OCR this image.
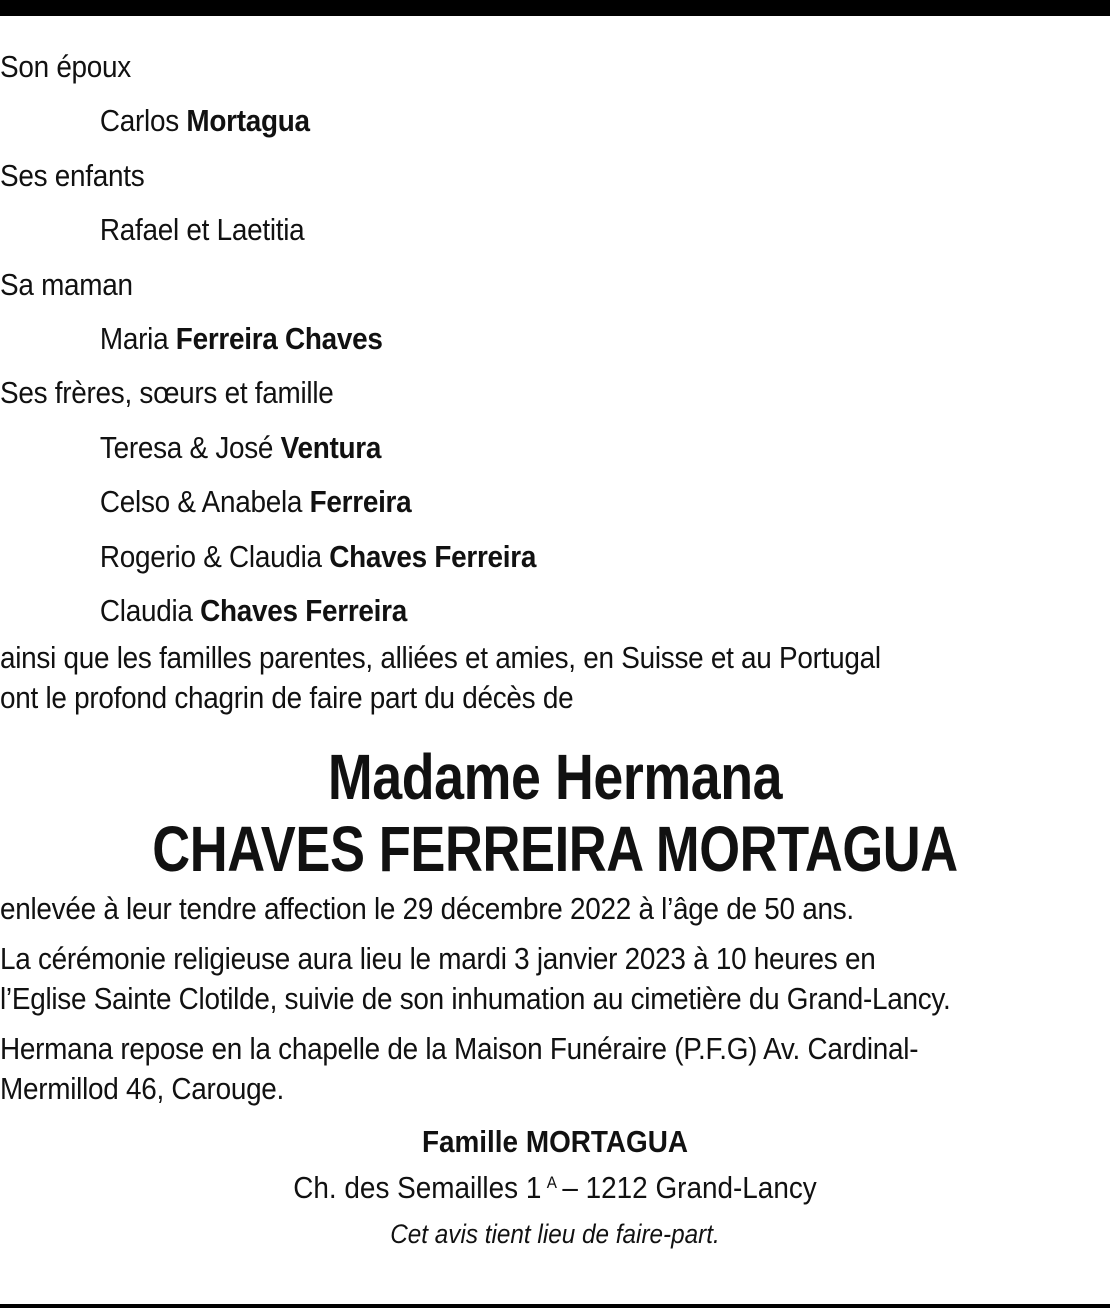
Son époux
Carlos Mortagua
Ses enfants
Rafael et Laetitia
Sa maman
Maria Ferreira Chaves
Ses frères, sœurs et famille
Teresa & José Ventura
Celso & Anabela Ferreira
Rogerio & Claudia Chaves Ferreira
Claudia Chaves Ferreira
ainsi que les familles parentes, alliées et amies, en Suisse et au Portugal
ont le profond chagrin de faire part du décès de
Madame Hermana
CHAVES FERREIRA MORTAGUA
enlevée à leur tendre affection le 29 décembre 2022 à l’âge de 50 ans.
La cérémonie religieuse aura lieu le mardi 3 janvier 2023 à 10 heures en
l’Eglise Sainte Clotilde, suivie de son inhumation au cimetière du Grand-Lancy.
Hermana repose en la chapelle de la Maison Funéraire (P.F.G) Av. Cardinal-
Mermillod 46, Carouge.
Famille MORTAGUA
Ch. des Semailles 1 $^A$ – 1212 Grand-Lancy
Cet avis tient lieu de faire-part.
